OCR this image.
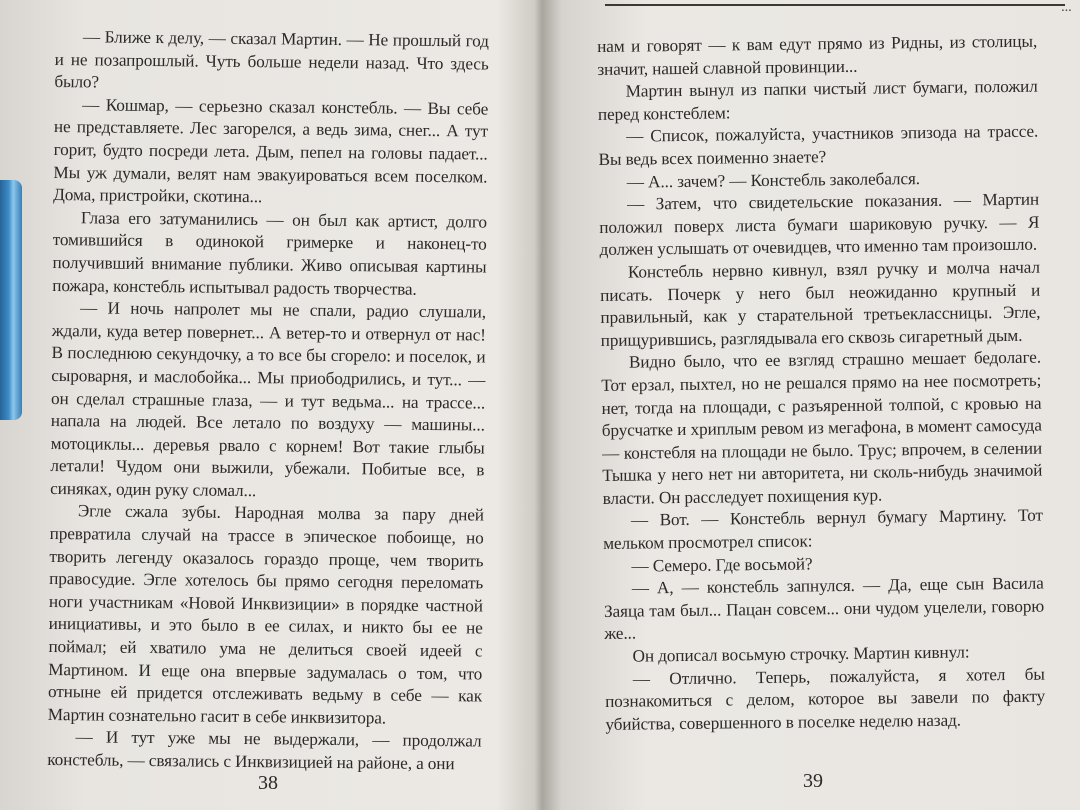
— Ближе к делу, — сказал Мартин. — Не прошлый год и не позапрошлый. Чуть больше недели назад. Что здесь было?

— Кошмар, — серьезно сказал констебль. — Вы себе не представляете. Лес загорелся, а ведь зима, снег... А тут горит, будто посреди лета. Дым, пепел на головы падает... Мы уж думали, велят нам эвакуироваться всем поселком. Дома, пристройки, скотина...

Глаза его затуманились — он был как артист, долго томившийся в одинокой гримерке и наконец-то получивший внимание публики. Живо описывая картины пожара, констебль испытывал радость творчества.

— И ночь напролет мы не спали, радио слушали, ждали, куда ветер повернет... А ветер-то и отвернул от нас! В последнюю секундочку, а то все бы сгорело: и поселок, и сыроварня, и маслобойка... Мы приободрились, и тут... — он сделал страшные глаза, — и тут ведьма... на трассе... напала на людей. Все летало по воздуху — машины... мотоциклы... деревья рвало с корнем! Вот такие глыбы летали! Чудом они выжили, убежали. Побитые все, в синяках, один руку сломал...

Эгле сжала зубы. Народная молва за пару дней превратила случай на трассе в эпическое побоище, но творить легенду оказалось гораздо проще, чем творить правосудие. Эгле хотелось бы прямо сегодня переломать ноги участникам «Новой Инквизиции» в порядке частной инициативы, и это было в ее силах, и никто бы ее не поймал; ей хватило ума не делиться своей идеей с Мартином. И еще она впервые задумалась о том, что отныне ей придется отслеживать ведьму в себе — как Мартин сознательно гасит в себе инквизитора.

— И тут уже мы не выдержали, — продолжал констебль, — связались с Инквизицией на районе, а они

38
...

нам и говорят — к вам едут прямо из Ридны, из столицы, значит, нашей славной провинции...

Мартин вынул из папки чистый лист бумаги, положил перед констеблем:

— Список, пожалуйста, участников эпизода на трассе. Вы ведь всех поименно знаете?

— А... зачем? — Констебль заколебался.

— Затем, что свидетельские показания. — Мартин положил поверх листа бумаги шариковую ручку. — Я должен услышать от очевидцев, что именно там произошло.

Констебль нервно кивнул, взял ручку и молча начал писать. Почерк у него был неожиданно крупный и правильный, как у старательной третьеклассницы. Эгле, прищурившись, разглядывала его сквозь сигаретный дым.

Видно было, что ее взгляд страшно мешает бедолаге. Тот ерзал, пыхтел, но не решался прямо на нее посмотреть; нет, тогда на площади, с разъяренной толпой, с кровью на брусчатке и хриплым ревом из мегафона, в момент самосуда — констебля на площади не было. Трус; впрочем, в селении Тышка у него нет ни авторитета, ни сколь-нибудь значимой власти. Он расследует похищения кур.

— Вот. — Констебль вернул бумагу Мартину. Тот мельком просмотрел список:

— Семеро. Где восьмой?

— А, — констебль запнулся. — Да, еще сын Васила Заяца там был... Пацан совсем... они чудом уцелели, говорю же...

Он дописал восьмую строчку. Мартин кивнул:

— Отлично. Теперь, пожалуйста, я хотел бы познакомиться с делом, которое вы завели по факту убийства, совершенного в поселке неделю назад.

39
